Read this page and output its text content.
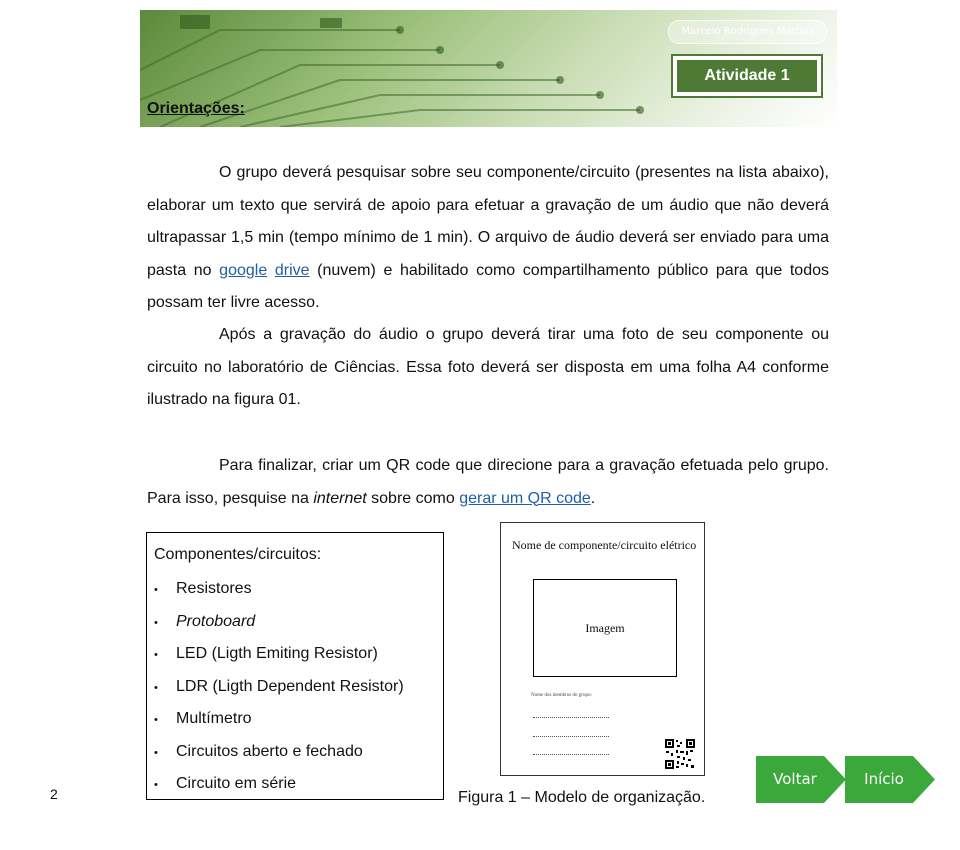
Marcelo Rodrigues Martins
Atividade 1
Orientações:
O grupo deverá pesquisar sobre seu componente/circuito (presentes na lista abaixo), elaborar um texto que servirá de apoio para efetuar a gravação de um áudio que não deverá ultrapassar 1,5 min (tempo mínimo de 1 min). O arquivo de áudio deverá ser enviado para uma pasta no google drive (nuvem) e habilitado como compartilhamento público para que todos possam ter livre acesso.
Após a gravação do áudio o grupo deverá tirar uma foto de seu componente ou circuito no laboratório de Ciências. Essa foto deverá ser disposta em uma folha A4 conforme ilustrado na figura 01.
Para finalizar, criar um QR code que direcione para a gravação efetuada pelo grupo. Para isso, pesquise na internet sobre como gerar um QR code.
Componentes/circuitos:
• Resistores
• Protoboard
• LED (Ligth Emiting Resistor)
• LDR (Ligth Dependent Resistor)
• Multímetro
• Circuitos aberto e fechado
• Circuito em série
Nome de componente/circuito elétrico
Imagem
Nome dos membros do grupo:
Figura 1 – Modelo de organização.
2
Voltar	Início
